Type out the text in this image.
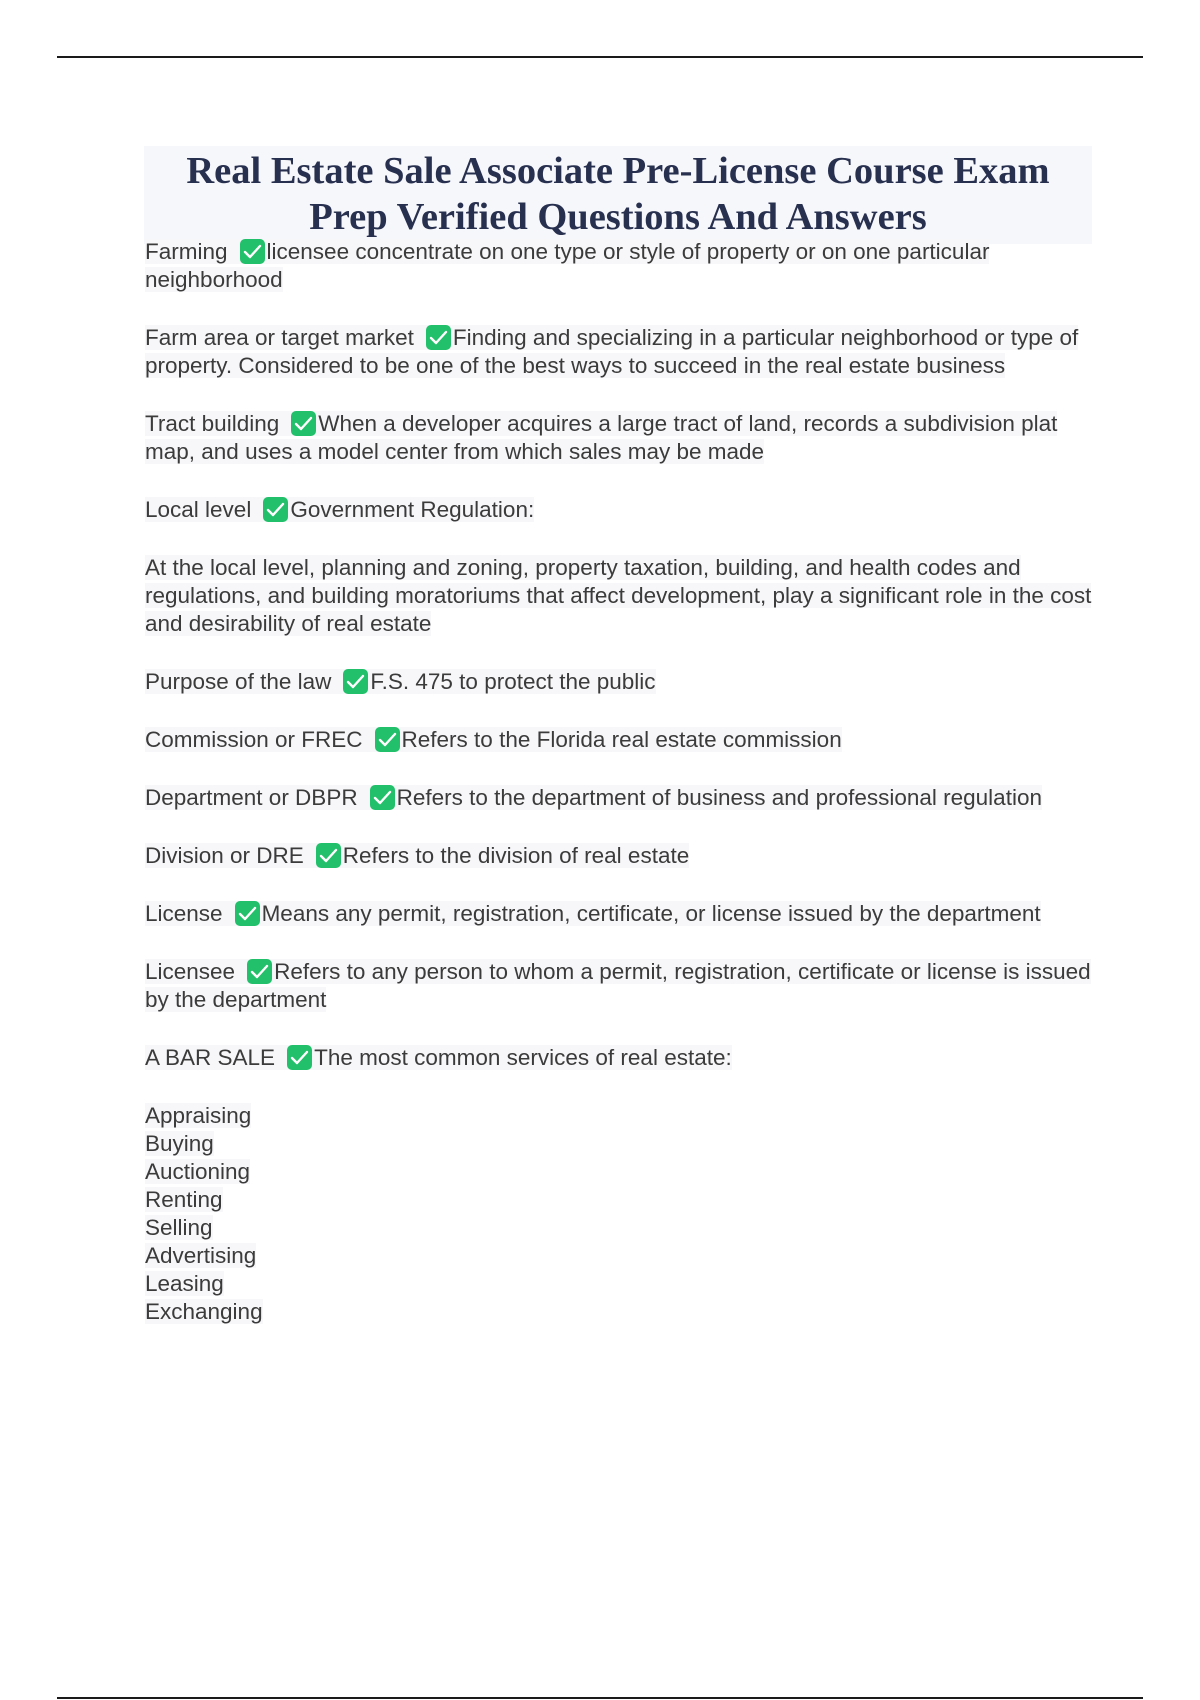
Real Estate Sale Associate Pre-License Course Exam Prep Verified Questions And Answers

Farming licensee concentrate on one type or style of property or on one particular neighborhood

Farm area or target market Finding and specializing in a particular neighborhood or type of property. Considered to be one of the best ways to succeed in the real estate business

Tract building When a developer acquires a large tract of land, records a subdivision plat map, and uses a model center from which sales may be made

Local level Government Regulation:

At the local level, planning and zoning, property taxation, building, and health codes and regulations, and building moratoriums that affect development, play a significant role in the cost and desirability of real estate

Purpose of the law F.S. 475 to protect the public

Commission or FREC Refers to the Florida real estate commission

Department or DBPR Refers to the department of business and professional regulation

Division or DRE Refers to the division of real estate

License Means any permit, registration, certificate, or license issued by the department

Licensee Refers to any person to whom a permit, registration, certificate or license is issued by the department

A BAR SALE The most common services of real estate:

Appraising
Buying
Auctioning
Renting
Selling
Advertising
Leasing
Exchanging
